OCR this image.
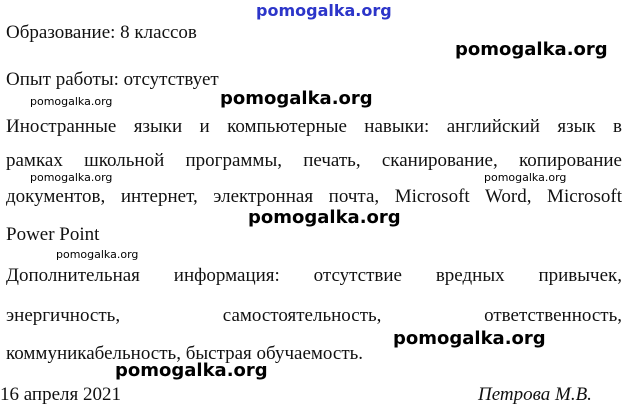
Образование: 8 классов
Опыт работы: отсутствует
Иностранные языки и компьютерные навыки: английский язык в
рамках школьной программы, печать, сканирование, копирование
документов, интернет, электронная почта, Microsoft Word, Microsoft
Power Point
Дополнительная информация: отсутствие вредных привычек,
энергичность, самостоятельность, ответственность,
коммуникабельность, быстрая обучаемость.
16 апреля 2021	Петрова М.В.
pomogalka.org
pomogalka.org
pomogalka.org	pomogalka.org
pomogalka.org	pomogalka.org
pomogalka.org
pomogalka.org
pomogalka.org
pomogalka.org
